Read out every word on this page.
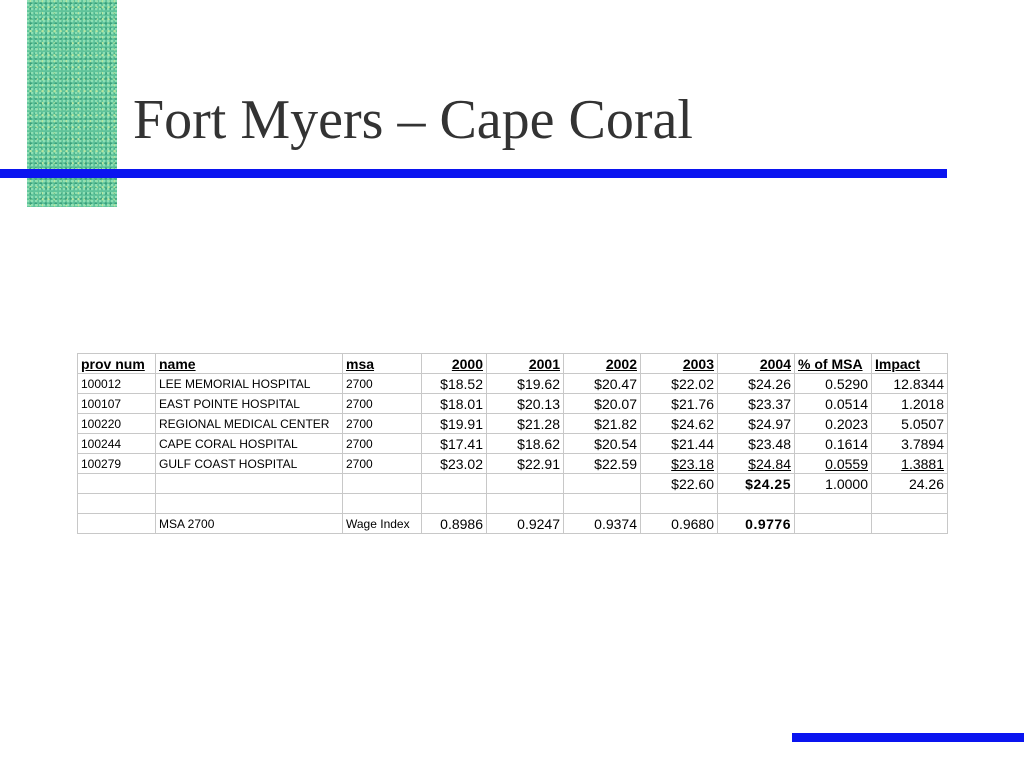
Fort Myers – Cape Coral
prov num	name	msa	2000	2001	2002	2003	2004	% of MSA	Impact
100012	LEE MEMORIAL HOSPITAL	2700	$18.52	$19.62	$20.47	$22.02	$24.26	0.5290	12.8344
100107	EAST POINTE HOSPITAL	2700	$18.01	$20.13	$20.07	$21.76	$23.37	0.0514	1.2018
100220	REGIONAL MEDICAL CENTER	2700	$19.91	$21.28	$21.82	$24.62	$24.97	0.2023	5.0507
100244	CAPE CORAL HOSPITAL	2700	$17.41	$18.62	$20.54	$21.44	$23.48	0.1614	3.7894
100279	GULF COAST HOSPITAL	2700	$23.02	$22.91	$22.59	$23.18	$24.84	0.0559	1.3881
						$22.60	$24.25	1.0000	24.26

	MSA 2700	Wage Index	0.8986	0.9247	0.9374	0.9680	0.9776		
